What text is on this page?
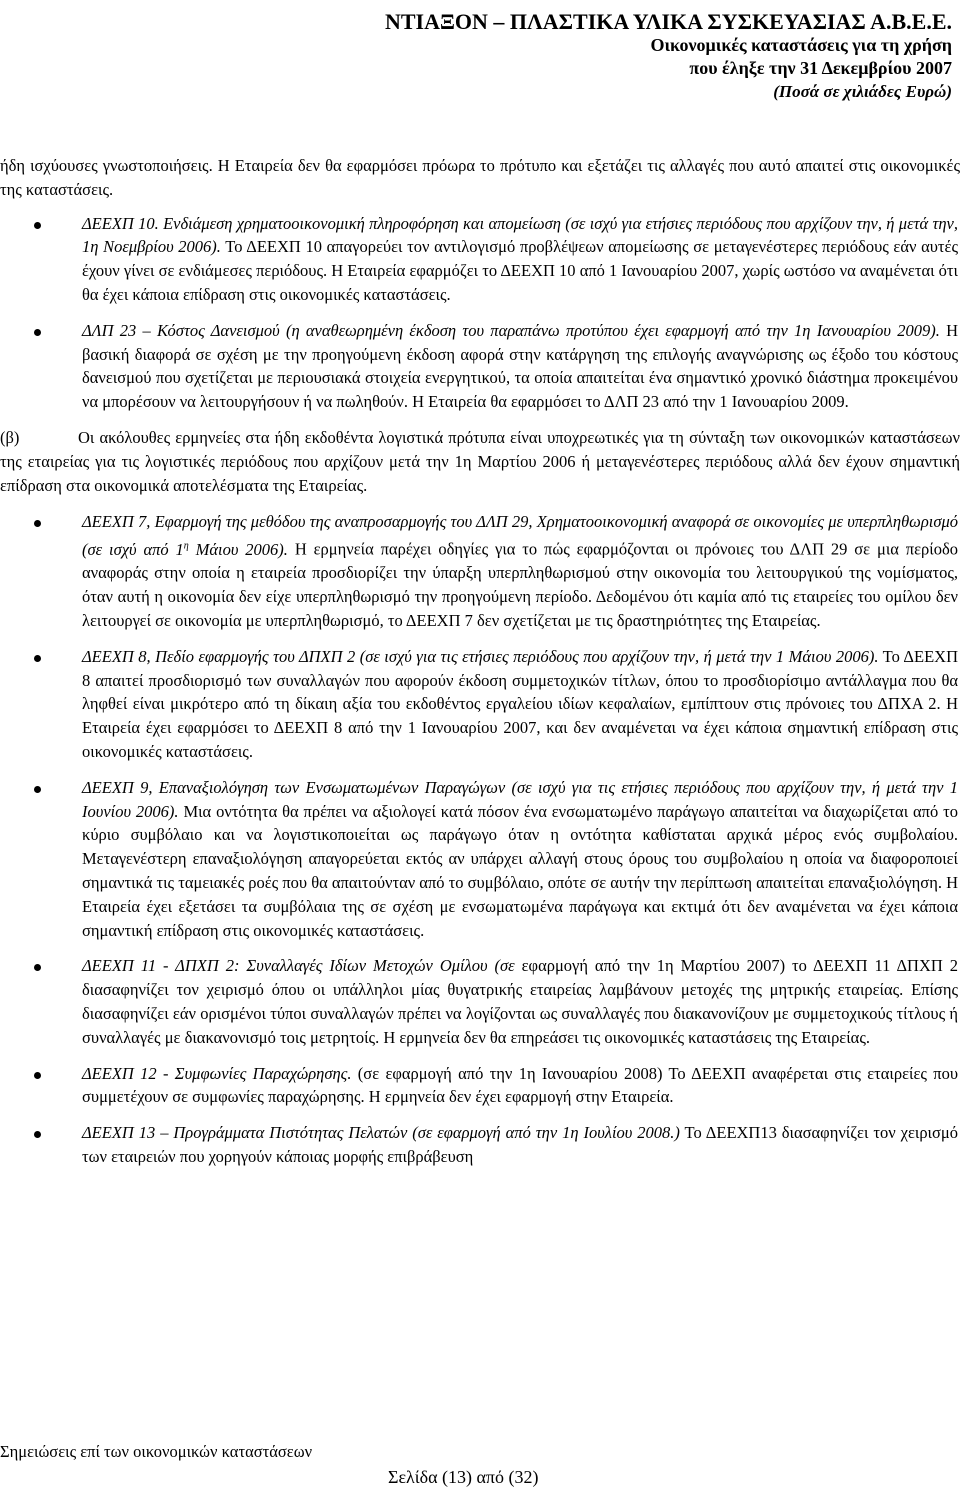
ΝΤΙΑΞΟΝ – ΠΛΑΣΤΙΚΑ ΥΛΙΚΑ ΣΥΣΚΕΥΑΣΙΑΣ Α.Β.Ε.Ε.
Οικονομικές καταστάσεις για τη χρήση
που έληξε την 31 Δεκεμβρίου 2007
(Ποσά σε χιλιάδες Ευρώ)

ήδη ισχύουσες γνωστοποιήσεις. Η Εταιρεία δεν θα εφαρμόσει πρόωρα το πρότυπο και εξετάζει τις αλλαγές που αυτό απαιτεί στις οικονομικές της καταστάσεις.

ΔΕΕΧΠ 10. Ενδιάμεση χρηματοοικονομική πληροφόρηση και απομείωση (σε ισχύ για ετήσιες περιόδους που αρχίζουν την, ή μετά την, 1η Νοεμβρίου 2006). Το ΔΕΕΧΠ 10 απαγορεύει τον αντιλογισμό προβλέψεων απομείωσης σε μεταγενέστερες περιόδους εάν αυτές έχουν γίνει σε ενδιάμεσες περιόδους. Η Εταιρεία εφαρμόζει το ΔΕΕΧΠ 10 από 1 Ιανουαρίου 2007, χωρίς ωστόσο να αναμένεται ότι θα έχει κάποια επίδραση στις οικονομικές καταστάσεις.
ΔΛΠ 23 – Κόστος Δανεισμού (η αναθεωρημένη έκδοση του παραπάνω προτύπου έχει εφαρμογή από την 1η Ιανουαρίου 2009). Η βασική διαφορά σε σχέση με την προηγούμενη έκδοση αφορά στην κατάργηση της επιλογής αναγνώρισης ως έξοδο του κόστους δανεισμού που σχετίζεται με περιουσιακά στοιχεία ενεργητικού, τα οποία απαιτείται ένα σημαντικό χρονικό διάστημα προκειμένου να μπορέσουν να λειτουργήσουν ή να πωληθούν. Η Εταιρεία θα εφαρμόσει το ΔΛΠ 23 από την 1 Ιανουαρίου 2009.

(β)	Οι ακόλουθες ερμηνείες στα ήδη εκδοθέντα λογιστικά πρότυπα είναι υποχρεωτικές για τη σύνταξη των οικονομικών καταστάσεων της εταιρείας για τις λογιστικές περιόδους που αρχίζουν μετά την 1η Μαρτίου 2006 ή μεταγενέστερες περιόδους αλλά δεν έχουν σημαντική επίδραση στα οικονομικά αποτελέσματα της Εταιρείας.

ΔΕΕΧΠ 7, Εφαρμογή της μεθόδου της αναπροσαρμογής του ΔΛΠ 29, Χρηματοοικονομική αναφορά σε οικονομίες με υπερπληθωρισμό (σε ισχύ από $1^\eta$ Μάιου 2006). Η ερμηνεία παρέχει οδηγίες για το πώς εφαρμόζονται οι πρόνοιες του ΔΛΠ 29 σε μια περίοδο αναφοράς στην οποία η εταιρεία προσδιορίζει την ύπαρξη υπερπληθωρισμού στην οικονομία του λειτουργικού της νομίσματος, όταν αυτή η οικονομία δεν είχε υπερπληθωρισμό την προηγούμενη περίοδο. Δεδομένου ότι καμία από τις εταιρείες του ομίλου δεν λειτουργεί σε οικονομία με υπερπληθωρισμό, το ΔΕΕΧΠ 7 δεν σχετίζεται με τις δραστηριότητες της Εταιρείας.
ΔΕΕΧΠ 8, Πεδίο εφαρμογής του ΔΠΧΠ 2 (σε ισχύ για τις ετήσιες περιόδους που αρχίζουν την, ή μετά την 1 Μάιου 2006). Το ΔΕΕΧΠ 8 απαιτεί προσδιορισμό των συναλλαγών που αφορούν έκδοση συμμετοχικών τίτλων, όπου το προσδιορίσιμο αντάλλαγμα που θα ληφθεί είναι μικρότερο από τη δίκαιη αξία του εκδοθέντος εργαλείου ιδίων κεφαλαίων, εμπίπτουν στις πρόνοιες του ΔΠΧΑ 2. Η Εταιρεία έχει εφαρμόσει το ΔΕΕΧΠ 8 από την 1 Ιανουαρίου 2007, και δεν αναμένεται να έχει κάποια σημαντική επίδραση στις οικονομικές καταστάσεις.
ΔΕΕΧΠ 9, Επαναξιολόγηση των Ενσωματωμένων Παραγώγων (σε ισχύ για τις ετήσιες περιόδους που αρχίζουν την, ή μετά την 1 Ιουνίου 2006). Μια οντότητα θα πρέπει να αξιολογεί κατά πόσον ένα ενσωματωμένο παράγωγο απαιτείται να διαχωρίζεται από το κύριο συμβόλαιο και να λογιστικοποιείται ως παράγωγο όταν η οντότητα καθίσταται αρχικά μέρος ενός συμβολαίου. Μεταγενέστερη επαναξιολόγηση απαγορεύεται εκτός αν υπάρχει αλλαγή στους όρους του συμβολαίου η οποία να διαφοροποιεί σημαντικά τις ταμειακές ροές που θα απαιτούνταν από το συμβόλαιο, οπότε σε αυτήν την περίπτωση απαιτείται επαναξιολόγηση. Η Εταιρεία έχει εξετάσει τα συμβόλαια της σε σχέση με ενσωματωμένα παράγωγα και εκτιμά ότι δεν αναμένεται να έχει κάποια σημαντική επίδραση στις οικονομικές καταστάσεις.
ΔΕΕΧΠ 11 - ΔΠΧΠ 2: Συναλλαγές Ιδίων Μετοχών Ομίλου (σε εφαρμογή από την 1η Μαρτίου 2007) το ΔΕΕΧΠ 11 ΔΠΧΠ 2 διασαφηνίζει τον χειρισμό όπου οι υπάλληλοι μίας θυγατρικής εταιρείας λαμβάνουν μετοχές της μητρικής εταιρείας. Επίσης διασαφηνίζει εάν ορισμένοι τύποι συναλλαγών πρέπει να λογίζονται ως συναλλαγές που διακανονίζουν με συμμετοχικούς τίτλους ή συναλλαγές με διακανονισμό τοις μετρητοίς. Η ερμηνεία δεν θα επηρεάσει τις οικονομικές καταστάσεις της Εταιρείας.
ΔΕΕΧΠ 12 - Συμφωνίες Παραχώρησης. (σε εφαρμογή από την 1η Ιανουαρίου 2008) Το ΔΕΕΧΠ αναφέρεται στις εταιρείες που συμμετέχουν σε συμφωνίες παραχώρησης. Η ερμηνεία δεν έχει εφαρμογή στην Εταιρεία.
ΔΕΕΧΠ 13 – Προγράμματα Πιστότητας Πελατών (σε εφαρμογή από την 1η Ιουλίου 2008.) Το ΔΕΕΧΠ13 διασαφηνίζει τον χειρισμό των εταιρειών που χορηγούν κάποιας μορφής επιβράβευση
Σημειώσεις επί των οικονομικών καταστάσεων
Σελίδα (13) από (32)
